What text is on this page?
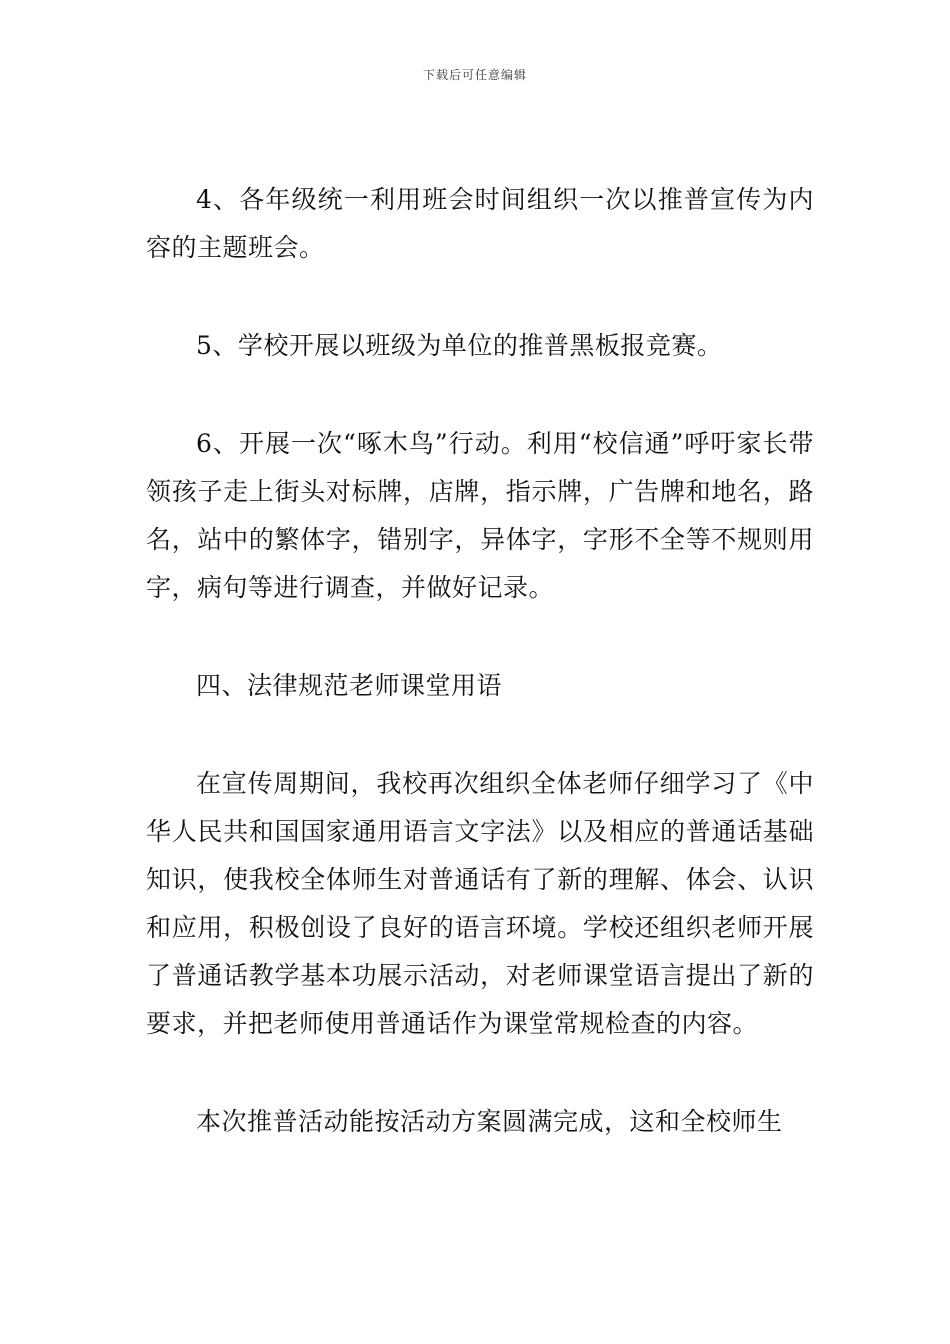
下载后可任意编辑

4、各年级统一利用班会时间组织一次以推普宣传为内容的主题班会。

5、学校开展以班级为单位的推普黑板报竞赛。

6、开展一次“啄木鸟”行动。利用“校信通”呼吁家长带领孩子走上街头对标牌，店牌，指示牌，广告牌和地名，路名，站中的繁体字，错别字，异体字，字形不全等不规则用字，病句等进行调查，并做好记录。

四、法律规范老师课堂用语

在宣传周期间，我校再次组织全体老师仔细学习了《中华人民共和国国家通用语言文字法》以及相应的普通话基础知识，使我校全体师生对普通话有了新的理解、体会、认识和应用，积极创设了良好的语言环境。学校还组织老师开展了普通话教学基本功展示活动，对老师课堂语言提出了新的要求，并把老师使用普通话作为课堂常规检查的内容。

本次推普活动能按活动方案圆满完成，这和全校师生
